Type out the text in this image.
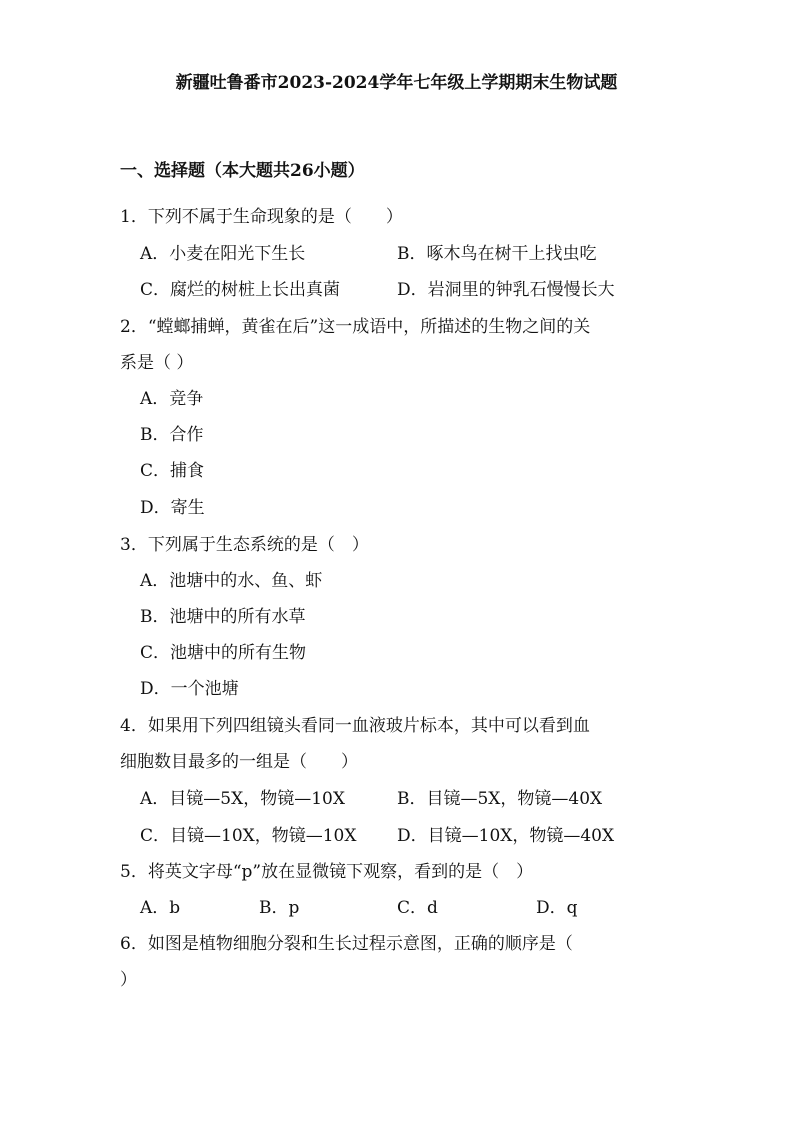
新疆吐鲁番市2023-2024学年七年级上学期期末生物试题
一、选择题（本大题共26小题）
1．下列不属于生命现象的是（　　）
A．小麦在阳光下生长	B．啄木鸟在树干上找虫吃
C．腐烂的树桩上长出真菌	D．岩洞里的钟乳石慢慢长大
2．“螳螂捕蝉，黄雀在后”这一成语中，所描述的生物之间的关
系是（ ）
A．竞争
B．合作
C．捕食
D．寄生
3．下列属于生态系统的是（　）
A．池塘中的水、鱼、虾
B．池塘中的所有水草
C．池塘中的所有生物
D．一个池塘
4．如果用下列四组镜头看同一血液玻片标本，其中可以看到血
细胞数目最多的一组是（　　）
A．目镜—5X，物镜—10X	B．目镜—5X，物镜—40X
C．目镜—10X，物镜—10X D．目镜—10X，物镜—40X
5．将英文字母“p”放在显微镜下观察，看到的是（　）
A．b	B．p	C．d	D．q
6．如图是植物细胞分裂和生长过程示意图，正确的顺序是（
）
